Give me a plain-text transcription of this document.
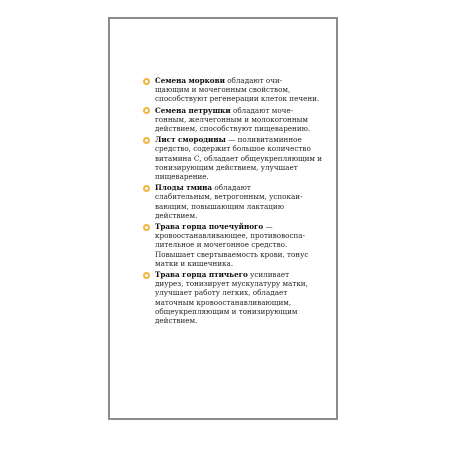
Семена моркови обладают очи-
щающим и мочегонным свойством,
способствуют регенерации клеток печени.

Семена петрушки обладают моче-
гонным, желчегонным и молокогонным
действием, способствуют пищеварению.

Лист смородины — поливитаминное
средство, содержит большое количество
витамина С, обладает общеукрепляющим и
тонизирующим действием, улучшает
пищеварение.

Плоды тмина обладают
слабительным, ветрогонным, успокаи-
вающим, повышающим лактацию
действием.

Трава горца почечуйного —
кровоостанавливающее, противовоспа-
лительное и мочегонное средство.
Повышает свертываемость крови, тонус
матки и кишечника.

Трава горца птичьего усиливает
диурез, тонизирует мускулатуру матки,
улучшает работу легких, обладает
маточным кровоостанавливающим,
общеукрепляющим и тонизирующим
действием.
